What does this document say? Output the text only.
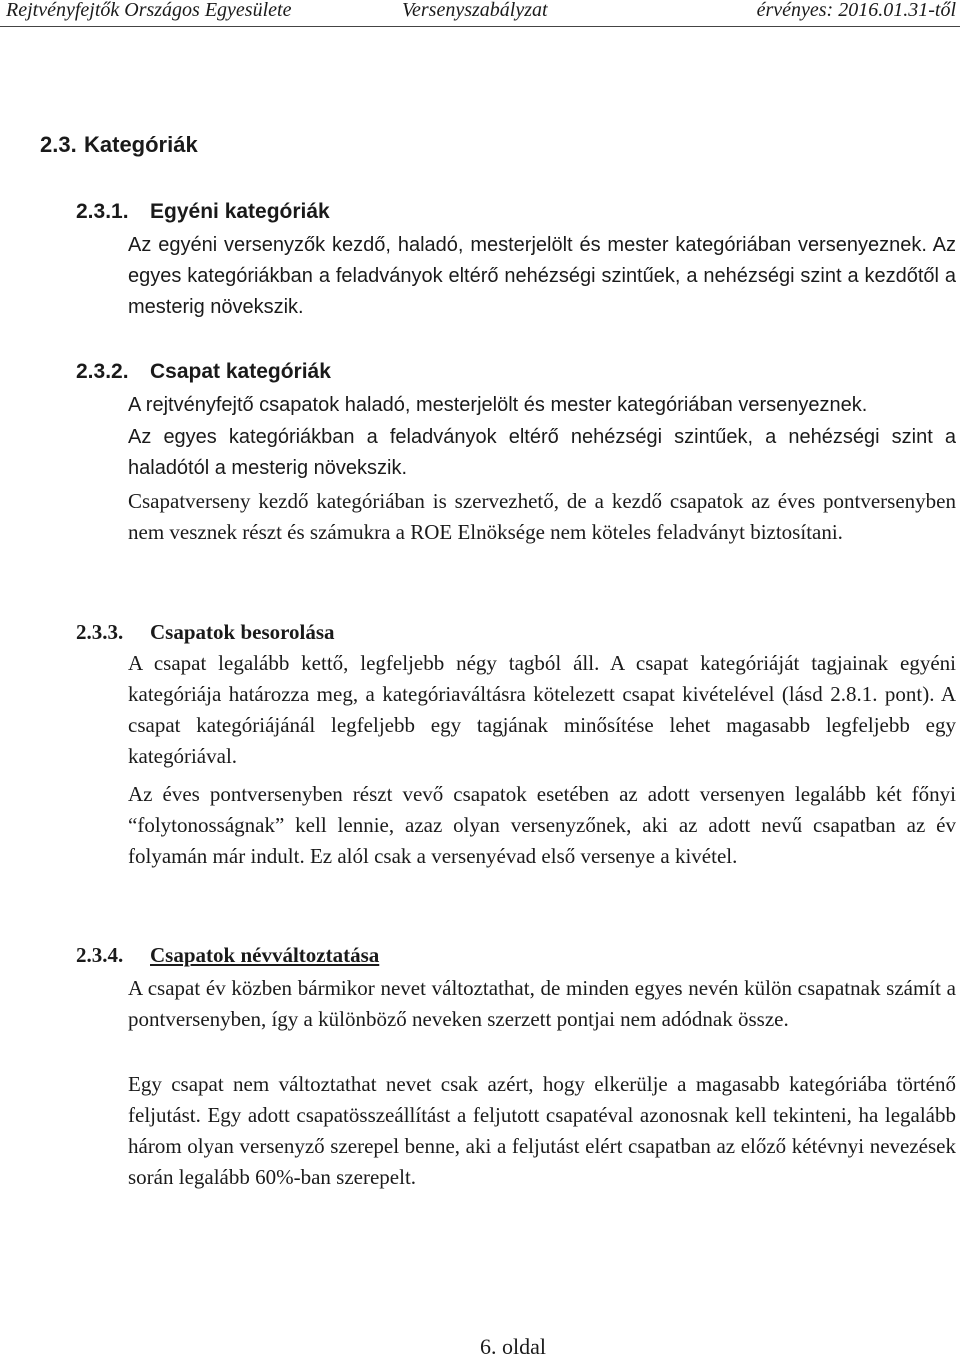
Rejtvényfejtők Országos Egyesülete	Versenyszabályzat	érvényes: 2016.01.31-től
2.3. Kategóriák
2.3.1. Egyéni kategóriák
Az egyéni versenyzők kezdő, haladó, mesterjelölt és mester kategóriában versenyeznek. Az egyes kategóriákban a feladványok eltérő nehézségi szintűek, a nehézségi szint a kezdőtől a mesterig növekszik.
2.3.2. Csapat kategóriák
A rejtvényfejtő csapatok haladó, mesterjelölt és mester kategóriában versenyeznek.
Az egyes kategóriákban a feladványok eltérő nehézségi szintűek, a nehézségi szint a haladótól a mesterig növekszik.
Csapatverseny kezdő kategóriában is szervezhető, de a kezdő csapatok az éves pontversenyben nem vesznek részt és számukra a ROE Elnöksége nem köteles feladványt biztosítani.
2.3.3. Csapatok besorolása
A csapat legalább kettő, legfeljebb négy tagból áll. A csapat kategóriáját tagjainak egyéni kategóriája határozza meg, a kategóriaváltásra kötelezett csapat kivételével (lásd 2.8.1. pont). A csapat kategóriájánál legfeljebb egy tagjának minősítése lehet magasabb legfeljebb egy kategóriával.
Az éves pontversenyben részt vevő csapatok esetében az adott versenyen legalább két főnyi “folytonosságnak” kell lennie, azaz olyan versenyzőnek, aki az adott nevű csapatban az év folyamán már indult. Ez alól csak a versenyévad első versenye a kivétel.
2.3.4. Csapatok névváltoztatása
A csapat év közben bármikor nevet változtathat, de minden egyes nevén külön csapatnak számít a pontversenyben, így a különböző neveken szerzett pontjai nem adódnak össze.
Egy csapat nem változtathat nevet csak azért, hogy elkerülje a magasabb kategóriába történő feljutást. Egy adott csapatösszeállítást a feljutott csapatéval azonosnak kell tekinteni, ha legalább három olyan versenyző szerepel benne, aki a feljutást elért csapatban az előző kétévnyi nevezések során legalább 60%-ban szerepelt.
6. oldal
